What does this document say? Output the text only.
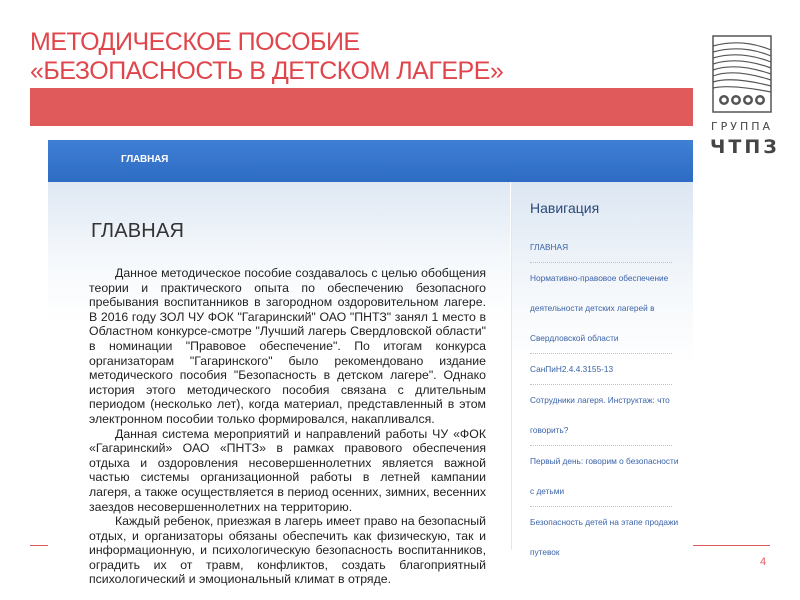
МЕТОДИЧЕСКОЕ ПОСОБИЕ
«БЕЗОПАСНОСТЬ В ДЕТСКОМ ЛАГЕРЕ»
ГРУППА
ЧТПЗ
ГЛАВНАЯ
ГЛАВНАЯ

Данное методическое пособие создавалось с целью обобщения теории и практического опыта по обеспечению безопасного пребывания воспитанников в загородном оздоровительном лагере. В 2016 году ЗОЛ ЧУ ФОК "Гагаринский" ОАО "ПНТЗ" занял 1 место в Областном конкурсе-смотре "Лучший лагерь Свердловской области" в номинации "Правовое обеспечение". По итогам конкурса организаторам "Гагаринского" было рекомендовано издание методического пособия "Безопасность в детском лагере". Однако история этого методического пособия связана с длительным периодом (несколько лет), когда материал, представленный в этом электронном пособии только формировался, накапливался.

Данная система мероприятий и направлений работы ЧУ «ФОК «Гагаринский» ОАО «ПНТЗ» в рамках правового обеспечения отдыха и оздоровления несовершеннолетних является важной частью системы организационной работы в летней кампании лагеря, а также осуществляется в период осенних, зимних, весенних заездов несовершеннолетних на территорию.

Каждый ребенок, приезжая в лагерь имеет право на безопасный отдых, и организаторы обязаны обеспечить как физическую, так и информационную, и психологическую безопасность воспитанников, оградить их от травм, конфликтов, создать благоприятный психологический и эмоциональный климат в отряде.

Навигация
ГЛАВНАЯ
Нормативно-правовое обеспечение
деятельности детских лагерей в
Свердловской области
СанПиН2.4.4.3155-13
Сотрудники лагеря. Инструктаж: что
говорить?
Первый день: говорим о безопасности
с детьми
Безопасность детей на этапе продажи
путевок
4
